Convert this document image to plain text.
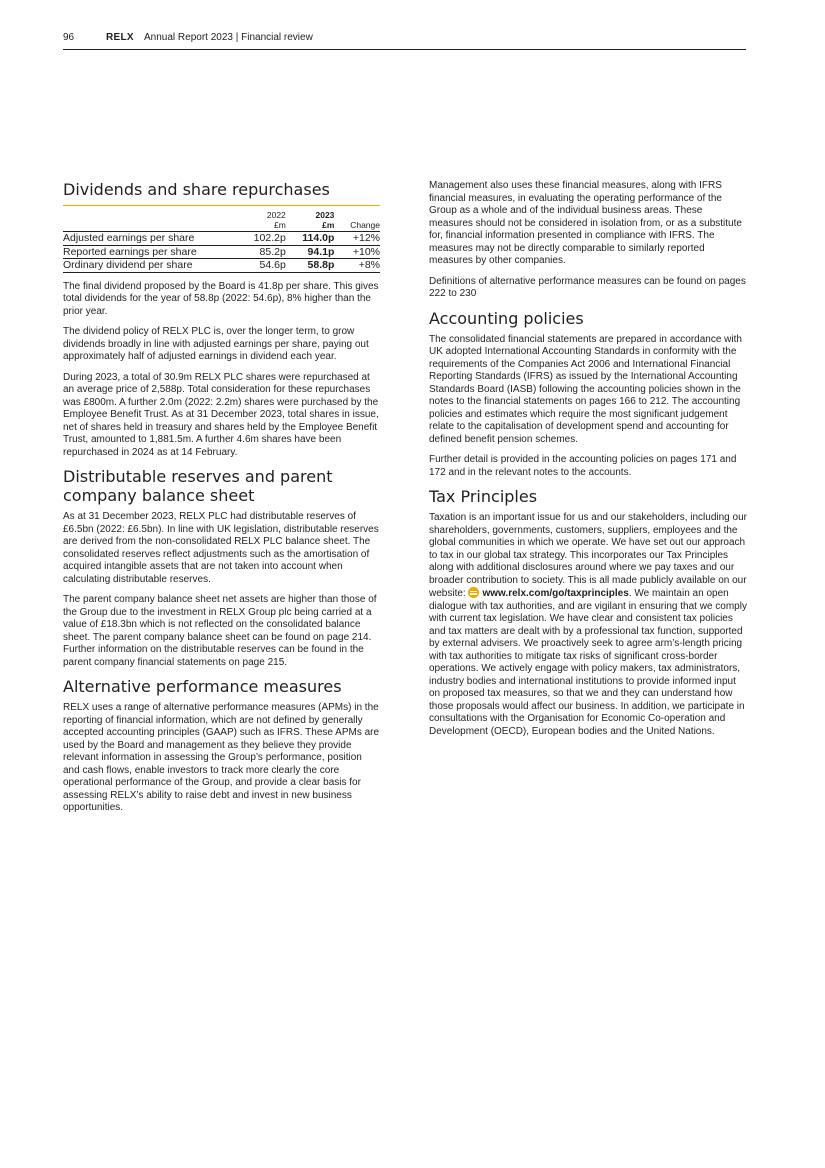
96	RELX Annual Report 2023 | Financial review
Dividends and share repurchases
	2022	2023	
	£m	£m	Change
Adjusted earnings per share	102.2p	114.0p	+12%
Reported earnings per share	85.2p	94.1p	+10%
Ordinary dividend per share	54.6p	58.8p	+8%

The final dividend proposed by the Board is 41.8p per share. This gives total dividends for the year of 58.8p (2022: 54.6p), 8% higher than the prior year.

The dividend policy of RELX PLC is, over the longer term, to grow dividends broadly in line with adjusted earnings per share, paying out approximately half of adjusted earnings in dividend each year.

During 2023, a total of 30.9m RELX PLC shares were repurchased at an average price of 2,588p. Total consideration for these repurchases was £800m. A further 2.0m (2022: 2.2m) shares were purchased by the Employee Benefit Trust. As at 31 December 2023, total shares in issue, net of shares held in treasury and shares held by the Employee Benefit Trust, amounted to 1,881.5m. A further 4.6m shares have been repurchased in 2024 as at 14 February.

Distributable reserves and parent company balance sheet

As at 31 December 2023, RELX PLC had distributable reserves of £6.5bn (2022: £6.5bn). In line with UK legislation, distributable reserves are derived from the non-consolidated RELX PLC balance sheet. The consolidated reserves reflect adjustments such as the amortisation of acquired intangible assets that are not taken into account when calculating distributable reserves.

The parent company balance sheet net assets are higher than those of the Group due to the investment in RELX Group plc being carried at a value of £18.3bn which is not reflected on the consolidated balance sheet. The parent company balance sheet can be found on page 214. Further information on the distributable reserves can be found in the parent company financial statements on page 215.

Alternative performance measures

RELX uses a range of alternative performance measures (APMs) in the reporting of financial information, which are not defined by generally accepted accounting principles (GAAP) such as IFRS. These APMs are used by the Board and management as they believe they provide relevant information in assessing the Group’s performance, position and cash flows, enable investors to track more clearly the core operational performance of the Group, and provide a clear basis for assessing RELX’s ability to raise debt and invest in new business opportunities.

Management also uses these financial measures, along with IFRS financial measures, in evaluating the operating performance of the Group as a whole and of the individual business areas. These measures should not be considered in isolation from, or as a substitute for, financial information presented in compliance with IFRS. The measures may not be directly comparable to similarly reported measures by other companies.

Definitions of alternative performance measures can be found on pages 222 to 230

Accounting policies

The consolidated financial statements are prepared in accordance with UK adopted International Accounting Standards in conformity with the requirements of the Companies Act 2006 and International Financial Reporting Standards (IFRS) as issued by the International Accounting Standards Board (IASB) following the accounting policies shown in the notes to the financial statements on pages 166 to 212. The accounting policies and estimates which require the most significant judgement relate to the capitalisation of development spend and accounting for defined benefit pension schemes.

Further detail is provided in the accounting policies on pages 171 and 172 and in the relevant notes to the accounts.

Tax Principles

Taxation is an important issue for us and our stakeholders, including our shareholders, governments, customers, suppliers, employees and the global communities in which we operate. We have set out our approach to tax in our global tax strategy. This incorporates our Tax Principles along with additional disclosures around where we pay taxes and our broader contribution to society. This is all made publicly available on our website: www.relx.com/go/taxprinciples. We maintain an open dialogue with tax authorities, and are vigilant in ensuring that we comply with current tax legislation. We have clear and consistent tax policies and tax matters are dealt with by a professional tax function, supported by external advisers. We proactively seek to agree arm’s-length pricing with tax authorities to mitigate tax risks of significant cross-border operations. We actively engage with policy makers, tax administrators, industry bodies and international institutions to provide informed input on proposed tax measures, so that we and they can understand how those proposals would affect our business. In addition, we participate in consultations with the Organisation for Economic Co-operation and Development (OECD), European bodies and the United Nations.
